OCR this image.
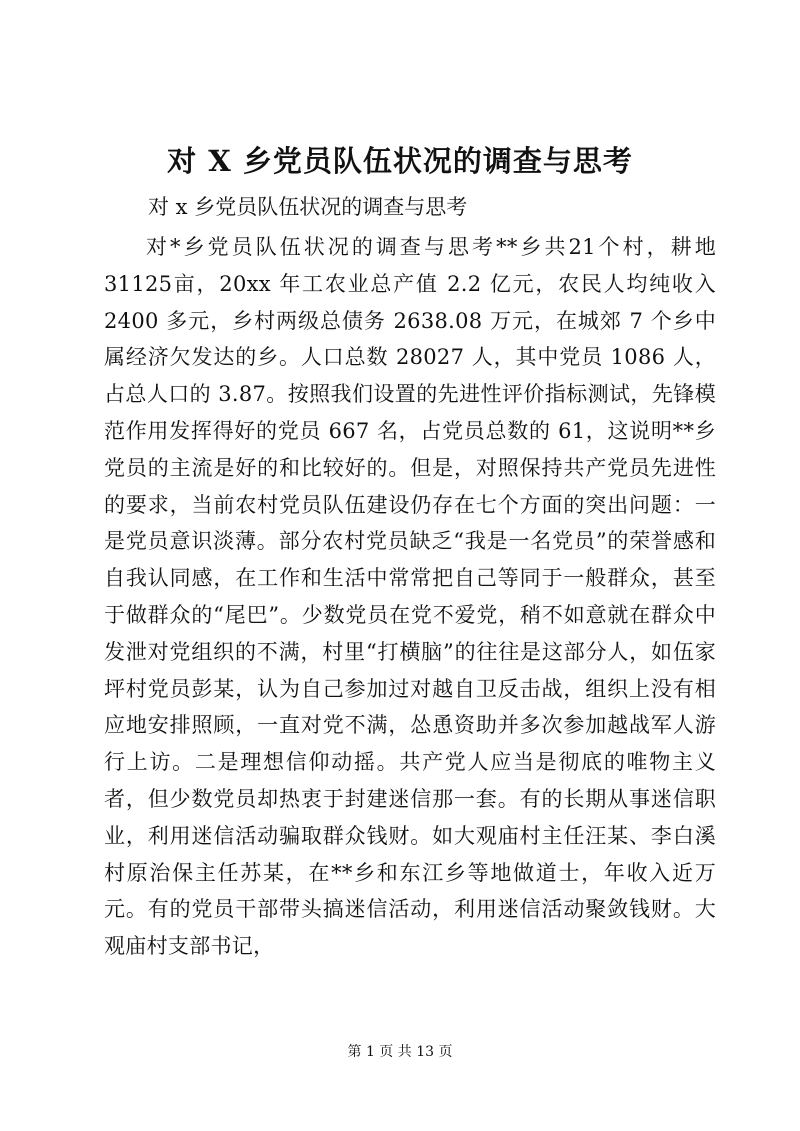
对 X 乡党员队伍状况的调查与思考

对 x 乡党员队伍状况的调查与思考

对*乡党员队伍状况的调查与思考**乡共21个村，耕地31125亩，20xx 年工农业总产值 2.2 亿元，农民人均纯收入 2400 多元，乡村两级总债务 2638.08 万元，在城郊 7 个乡中属经济欠发达的乡。人口总数 28027 人，其中党员 1086 人，占总人口的 3.87。按照我们设置的先进性评价指标测试，先锋模范作用发挥得好的党员 667 名，占党员总数的 61，这说明**乡党员的主流是好的和比较好的。但是，对照保持共产党员先进性的要求，当前农村党员队伍建设仍存在七个方面的突出问题：一是党员意识淡薄。部分农村党员缺乏“我是一名党员”的荣誉感和自我认同感，在工作和生活中常常把自己等同于一般群众，甚至于做群众的“尾巴”。少数党员在党不爱党，稍不如意就在群众中发泄对党组织的不满，村里“打横脑”的往往是这部分人，如伍家坪村党员彭某，认为自己参加过对越自卫反击战，组织上没有相应地安排照顾，一直对党不满，怂恿资助并多次参加越战军人游行上访。二是理想信仰动摇。共产党人应当是彻底的唯物主义者，但少数党员却热衷于封建迷信那一套。有的长期从事迷信职业，利用迷信活动骗取群众钱财。如大观庙村主任汪某、李白溪村原治保主任苏某，在**乡和东江乡等地做道士，年收入近万元。有的党员干部带头搞迷信活动，利用迷信活动聚敛钱财。大观庙村支部书记，

第 1 页 共 13 页
